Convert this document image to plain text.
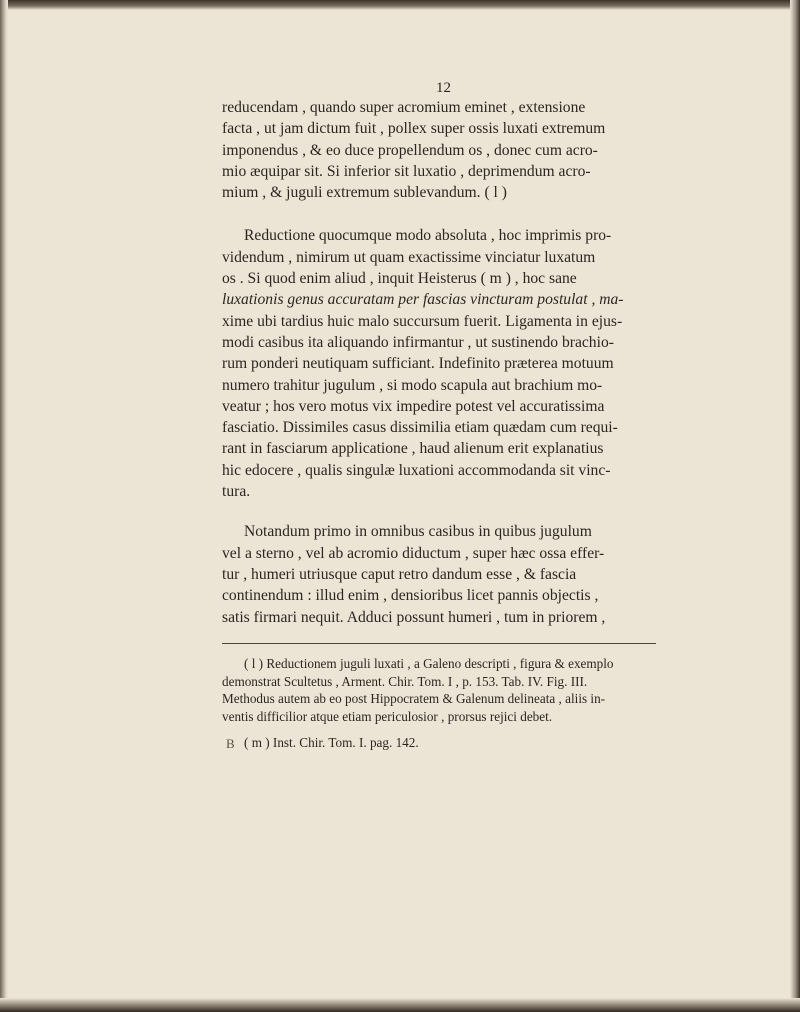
12

reducendam , quando super acromium eminet , extensione

facta , ut jam dictum fuit , pollex super ossis luxati extremum

imponendus , & eo duce propellendum os , donec cum acro-

mio æquipar sit. Si inferior sit luxatio , deprimendum acro-

mium , & juguli extremum sublevandum. ( l )

Reductione quocumque modo absoluta , hoc imprimis pro-

videndum , nimirum ut quam exactissime vinciatur luxatum

os . Si quod enim aliud , inquit Heisterus ( m ) , hoc sane

luxationis genus accuratam per fascias vincturam postulat , ma-

xime ubi tardius huic malo succursum fuerit. Ligamenta in ejus-

modi casibus ita aliquando infirmantur , ut sustinendo brachio-

rum ponderi neutiquam sufficiant. Indefinito præterea motuum

numero trahitur jugulum , si modo scapula aut brachium mo-

veatur ; hos vero motus vix impedire potest vel accuratissima

fasciatio. Dissimiles casus dissimilia etiam quædam cum requi-

rant in fasciarum applicatione , haud alienum erit explanatius

hic edocere , qualis singulæ luxationi accommodanda sit vinc-

tura.

Notandum primo in omnibus casibus in quibus jugulum

vel a sterno , vel ab acromio diductum , super hæc ossa effer-

tur , humeri utriusque caput retro dandum esse , & fascia

continendum : illud enim , densioribus licet pannis objectis ,

satis firmari nequit. Adduci possunt humeri , tum in priorem ,

( l ) Reductionem juguli luxati , a Galeno descripti , figura & exemplo

demonstrat Scultetus , Arment. Chir. Tom. I , p. 153. Tab. IV. Fig. III.

Methodus autem ab eo post Hippocratem & Galenum delineata , aliis in-

ventis difficilior atque etiam periculosior , prorsus rejici debet.

( m ) Inst. Chir. Tom. I. pag. 142.

B
